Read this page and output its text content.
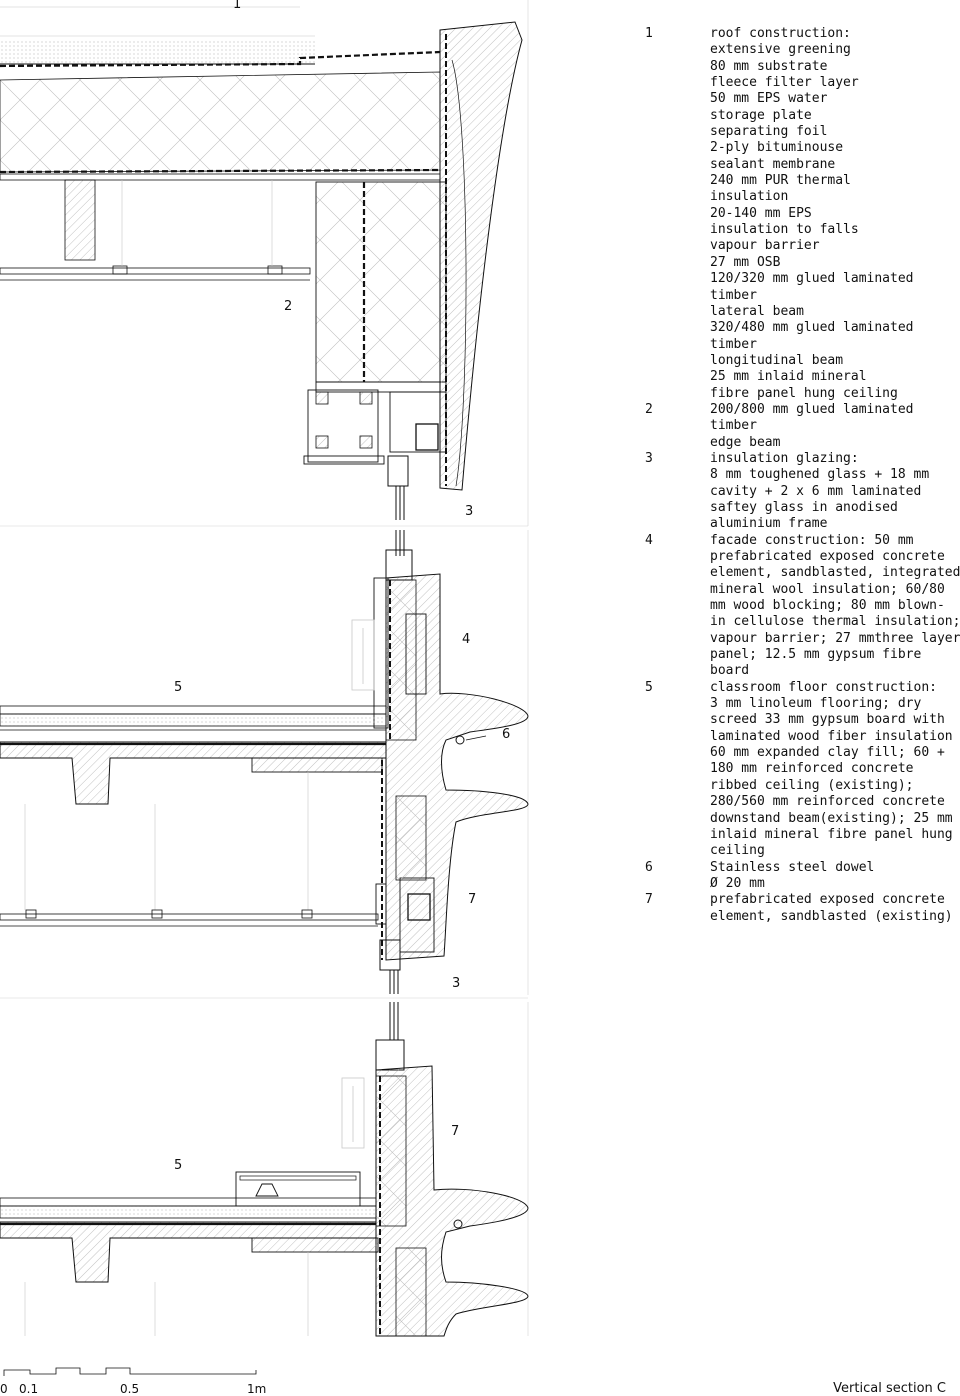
1
2
3
4
5
6
7
3
7
5
1	roof construction:
extensive greening
80 mm substrate
fleece filter layer
50 mm EPS water
storage plate
separating foil
2-ply bituminouse
sealant membrane
240 mm PUR thermal
insulation
20-140 mm EPS
insulation to falls
vapour barrier
27 mm OSB
120/320 mm glued laminated
timber
lateral beam
320/480 mm glued laminated
timber
longitudinal beam
25 mm inlaid mineral
fibre panel hung ceiling
2	200/800 mm glued laminated
timber
edge beam
3	insulation glazing:
8 mm toughened glass + 18 mm
cavity + 2 x 6 mm laminated
saftey glass in anodised
aluminium frame
4	facade construction: 50 mm
prefabricated exposed concrete
element, sandblasted, integrated
mineral wool insulation; 60/80
mm wood blocking; 80 mm blown-
in cellulose thermal insulation;
vapour barrier; 27 mmthree layer
panel; 12.5 mm gypsum fibre
board
5	classroom floor construction:
3 mm linoleum flooring; dry
screed 33 mm gypsum board with
laminated wood fiber insulation
60 mm expanded clay fill; 60 +
180 mm reinforced concrete
ribbed ceiling (existing);
280/560 mm reinforced concrete
downstand beam(existing); 25 mm
inlaid mineral fibre panel hung
ceiling
6	Stainless steel dowel
Ø 20 mm
7	prefabricated exposed concrete
element, sandblasted (existing)
0 0.1	0.5	1m	Vertical section C
